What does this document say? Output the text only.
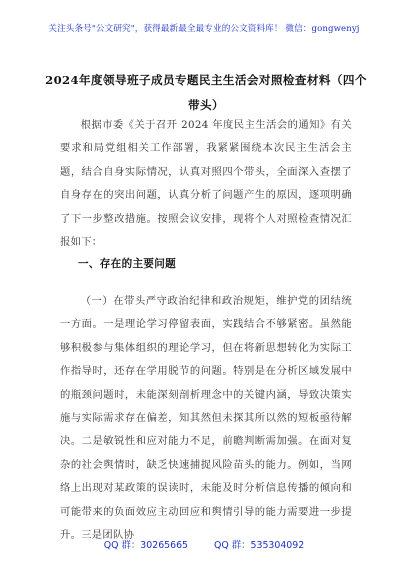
关注头条号"公文研究"，获得最新最全最专业的公文资料库！ 微信：gongwenyj
2024年度领导班子成员专题民主生活会对照检查材料（四个带头）

根据市委《关于召开 2024 年度民主生活会的通知》有关要求和局党组相关工作部署，我紧紧围绕本次民主生活会主题，结合自身实际情况，认真对照四个带头，全面深入查摆了自身存在的突出问题，认真分析了问题产生的原因，逐项明确了下一步整改措施。按照会议安排，现将个人对照检查情况汇报如下：

一、存在的主要问题

（一）在带头严守政治纪律和政治规矩，维护党的团结统一方面。一是理论学习停留表面，实践结合不够紧密。虽然能够积极参与集体组织的理论学习，但在将新思想转化为实际工作指导时，还存在学用脱节的问题。特别是在分析区域发展中的瓶颈问题时，未能深刻剖析理念中的关键内涵，导致决策实施与实际需求存在偏差，知其然但未探其所以然的短板亟待解决。二是敏锐性和应对能力不足，前瞻判断需加强。在面对复杂的社会舆情时，缺乏快速捕捉风险苗头的能力。例如，当网络上出现对某政策的误读时，未能及时分析信息传播的倾向和可能带来的负面效应主动回应和舆情引导的能力需要进一步提升。三是团队协

QQ 群：30265665	QQ 群：535304092
